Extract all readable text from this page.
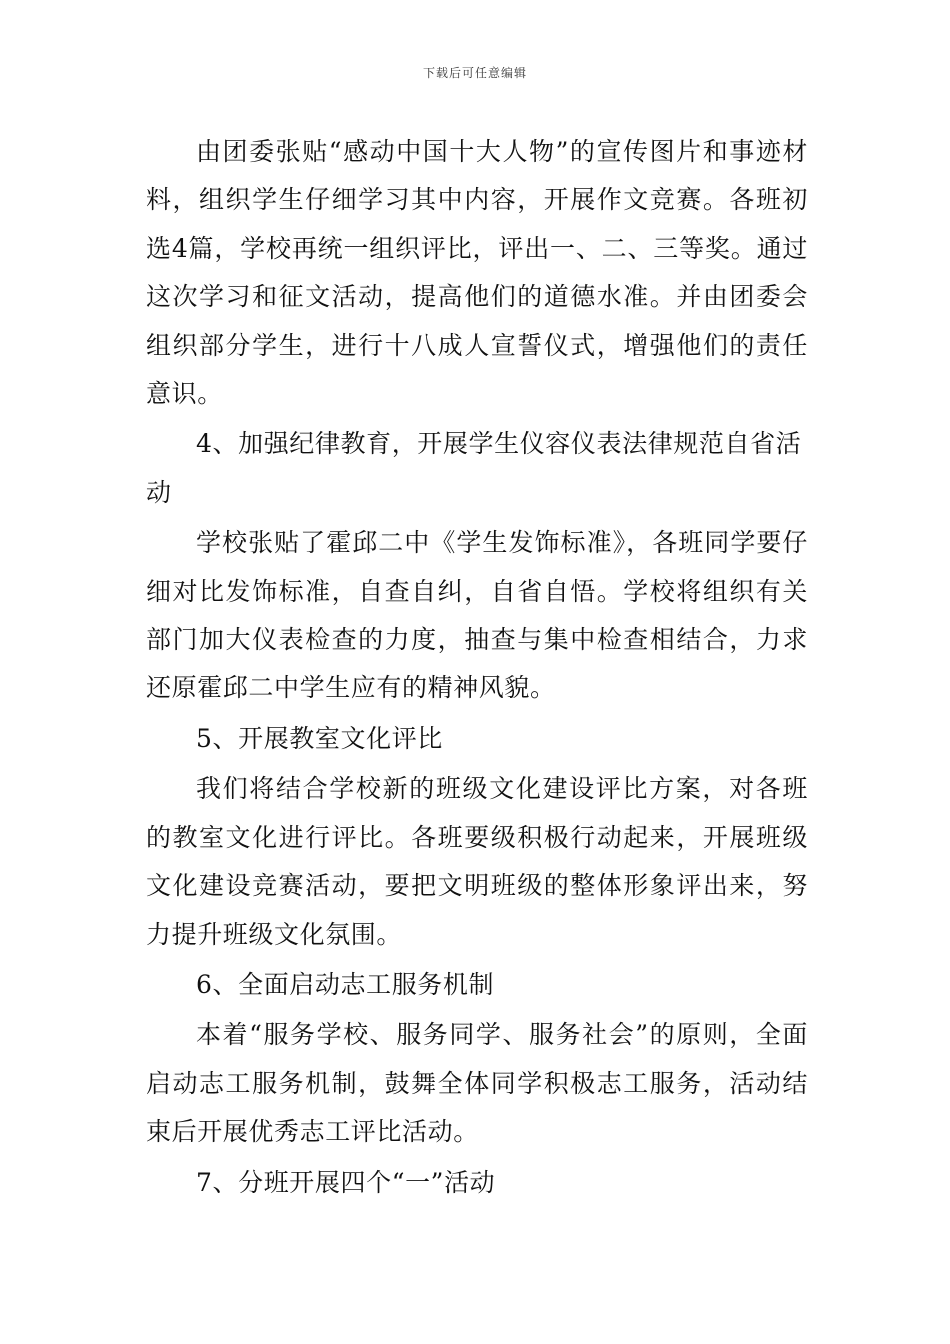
下载后可任意编辑

由团委张贴“感动中国十大人物”的宣传图片和事迹材料，组织学生仔细学习其中内容，开展作文竞赛。各班初选4篇，学校再统一组织评比，评出一、二、三等奖。通过这次学习和征文活动，提高他们的道德水准。并由团委会组织部分学生，进行十八成人宣誓仪式，增强他们的责任意识。

4、加强纪律教育，开展学生仪容仪表法律规范自省活动

学校张贴了霍邱二中《学生发饰标准》，各班同学要仔细对比发饰标准，自查自纠，自省自悟。学校将组织有关部门加大仪表检查的力度，抽查与集中检查相结合，力求还原霍邱二中学生应有的精神风貌。

5、开展教室文化评比

我们将结合学校新的班级文化建设评比方案，对各班的教室文化进行评比。各班要级积极行动起来，开展班级文化建设竞赛活动，要把文明班级的整体形象评出来，努力提升班级文化氛围。

6、全面启动志工服务机制

本着“服务学校、服务同学、服务社会”的原则，全面启动志工服务机制，鼓舞全体同学积极志工服务，活动结束后开展优秀志工评比活动。

7、分班开展四个“一”活动
